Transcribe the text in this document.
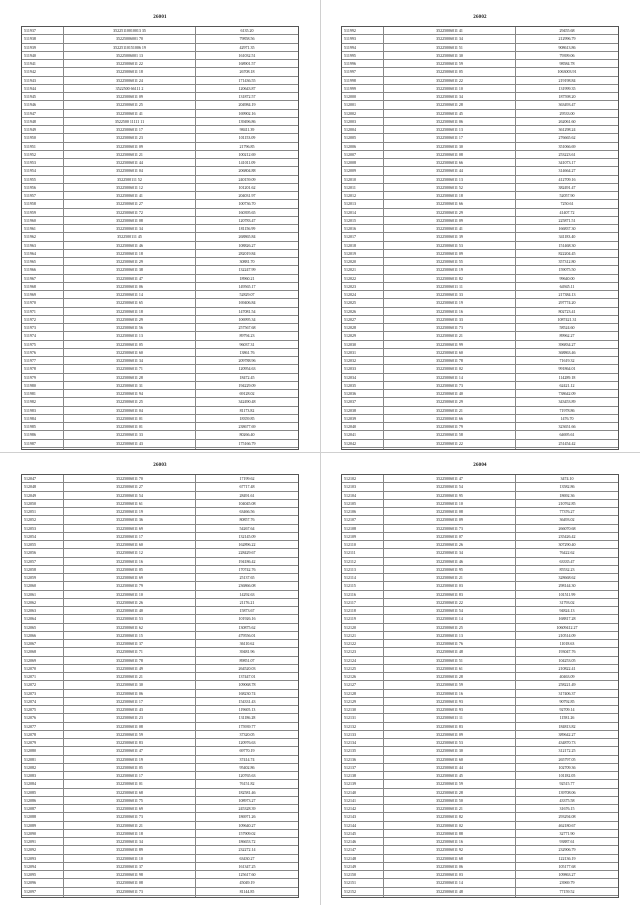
26001
511937	35225110010013 35	6135.20
511938	35225006001 70	79858.56
511939	35225110151006 19	42971.35
511940	35225006001 13	161032.51
511941	35225006011 22	168901.57
511942	35225006011 18	26708.18
511943	35225006011 24	171436.55
511944	3522500 66111 2	120643.87
511945	35225006011 09	131872.57
511946	35225006011 25	204984.19
511947	35225006011 41	169902.16
511948	3522500 11111 11	139496.86
511949	35225006011 17	98411.39
511950	35225006011 23	101153.09
511951	35225006011 09	21796.85
511952	35225006011 21	100212.69
511953	35225006011 44	141011.09
511954	35225006011 04	206804.88
511955	3522500111 52	240159.09
511956	35225006011 12	101201.62
511957	35225006011 41	204031.97
511958	35225006011 27	100736.70
511959	35225006011 72	160395.65
511960	35225006011 08	120783.47
511961	35225006011 34	181156.99
511962	3522500111 45	268865.84
511963	35225006011 46	108826.27
511964	35225006011 18	282019.84
511965	35225006011 29	30881.70
511966	35225006011 38	132247.99
511967	35225006011 47	18960.21
511968	35225006011 06	149565.17
511969	35225006011 14	52829.07
511970	35225006011 65	169406.84
511971	35225006011 18	147081.54
511972	35225006011 29	106995.34
511973	35225006011 56	257567.68
511974	35225006011 13	89794.23
511975	35225006011 05	96037.31
511976	35225006011 60	13861.76
511977	35225006011 34	209788.96
511978	35225006011 71	120954.63
511979	35225006011 28	18472.45
511980	35225006011 31	194229.09
511981	35225006011 94	69128.02
511982	35225006011 25	342490.48
511983	35225006011 04	81173.82
511984	35225006011 01	18359.85
511985	35225006011 01	238677.69
511986	35225006011 33	80266.40
511987	35225006011 43	175166.79
26002
511992	35225006011 41	29455.68
511993	35225006011 34	212996.79
511994	35225006011 51	908613.86
511995	35225006011 30	79399.06
511996	35225006011 59	98584.78
511997	35225006011 05	1063003.91
511998	35225006011 22	219198.84
511999	35225006011 10	131999.35
512000	35225006011 34	187598.20
512001	35225006011 28	363493.47
512002	35225006011 45	29533.00
512003	35225006011 06	262061.60
512004	35225006011 13	361298.24
512005	35225006011 17	276665.62
512006	35225006011 30	351066.69
512007	35225006011 08	253223.61
512008	35225006011 66	341073.17
512009	35225006011 44	314664.27
512010	35225006011 13	412709.16
512011	35225006011 52	382491.47
512012	35225006011 18	52057.90
512013	35225006011 66	7250.61
512014	35225006011 29	41407.72
512015	35225006011 09	225871.51
512016	35225006011 41	166837.30
512017	35225006011 39	341183.40
512018	35225006011 53	151468.30
512019	35225006011 09	822204.45
512020	35225006011 55	357312.80
512021	35225006011 19	159075.50
512022	35225006011 82	99640.00
512023	35225006011 11	64945.11
512024	35225006011 33	217384.13
512025	35225006011 19	297774.20
512026	35225006011 16	802723.41
512027	35225006011 33	1087421.31
512028	35225006011 73	58524.60
512029	35225006011 21	89962.27
512030	35225006011 99	396834.27
512031	35225006011 60	368863.46
512032	35225006011 78	71619.32
512033	35225006011 02	991864.01
512034	35225006011 14	114289.18
512035	35225006011 73	62421.12
512036	35225006011 40	738642.09
512037	35225006011 29	343453.89
512038	35225006011 21	71978.86
512039	35225006011 66	1476.70
512040	35225006011 79	323651.66
512041	35225006011 58	64695.61
512042	35225006011 22	251454.42
26003
512047	35225006011 70	17199.62
512048	35225006011 27	67717.48
512049	35225006011 54	28491.61
512050	35225006011 61	104045.08
512051	35225006011 19	63466.56
512052	35225006011 36	80857.76
512053	35225006011 69	54267.64
512054	35225006011 17	132145.09
512055	35225006011 60	162896.22
512056	35225006011 12	228429.67
512057	35225006011 16	194186.42
512058	35225006011 05	170742.76
512059	35225006011 69	25137.65
512060	35225006011 79	236866.08
512061	35225006011 10	14292.63
512062	35225006011 26	21176.21
512063	35225006011 40	15873.67
512064	35225006011 53	101926.16
512065	35225006011 62	130875.62
512066	35225006011 15	479556.01
512067	35225006011 37	36110.62
512068	35225006011 71	39481.96
512069	35225006011 78	89851.07
512070	35225006011 49	264520.03
512071	35225006011 21	137447.01
512072	35225006011 30	109068.78
512073	35225006011 06	168230.74
512074	35225006011 17	154331.43
512075	35225006011 43	119605.13
512076	35225006011 23	131186.28
512077	35225006011 08	175939.77
512078	35225006011 59	37320.05
512079	35225006011 83	120976.63
512080	35225006011 47	69770.19
512081	35225006011 19	37414.74
512082	35225006011 05	95402.86
512083	35225006011 17	120765.63
512084	35225006011 01	76151.82
512085	35225006011 68	182581.46
512086	35225006011 75	108973.27
512087	35225006011 69	245328.39
512088	35225006011 73	186971.26
512089	35225006011 21	109640.27
512090	35225006011 18	157909.02
512091	35225006011 34	186653.72
512092	35225006011 89	232272.14
512093	35225006011 10	63430.27
512094	35225006011 37	161347.25
512095	35225006011 98	125617.60
512096	35225006011 08	45049.19
512097	35225006011 73	81144.85
26004
512102	35225006011 47	3474.10
512103	35225006011 54	13582.86
512104	35225006011 95	18692.36
512105	35225006011 10	210762.85
512106	35225006011 08	77376.27
512107	35225006011 09	36493.02
512108	35225006011 73	266070.68
512109	35225006011 07	235426.42
512110	35225006011 26	307290.40
512111	35225006011 34	76422.62
512112	35225006011 46	63335.47
512113	35225006011 95	85532.23
512114	35225006011 21	328668.62
512115	35225006011 03	298144.30
512116	35225006011 83	101511.99
512117	35225006011 22	31793.02
512118	35225006011 54	94824.13
512119	35225006011 14	168817.28
512120	35225006011 25	10609412.27
512121	35225006011 13	210514.09
512122	35225006011 76	11018.63
512123	35225006011 48	193047.76
512124	35225006011 51	104253.05
512125	35225006011 61	210822.41
512126	35225006011 28	40463.09
512127	35225006011 59	258221.49
512128	35225006011 16	317406.37
512129	35225006011 93	90792.85
512130	35225006011 93	92709.14
512131	35225006011 11	11581.26
512132	35225006011 83	184813.82
512133	35225006011 09	389642.27
512134	35225006011 53	434870.73
512135	35225006011 30	312172.25
512136	35225006011 60	265797.05
512137	35225006011 44	102709.36
512138	35225006011 45	101182.05
512139	35225006011 59	92515.77
512140	35225006011 28	139708.06
512141	35225006011 50	43375.58
512142	35225006011 21	31676.15
512143	35225006011 82	293294.08
512144	35225006011 02	462180.67
512145	35225006011 88	32771.90
512146	35225006011 16	93887.61
512147	35225006011 92	232906.79
512148	35225006011 68	122136.19
512149	35225006011 06	105177.68
512150	35225006011 03	109863.27
512151	35225006011 14	23969.79
512152	35225006011 48	77159.52
